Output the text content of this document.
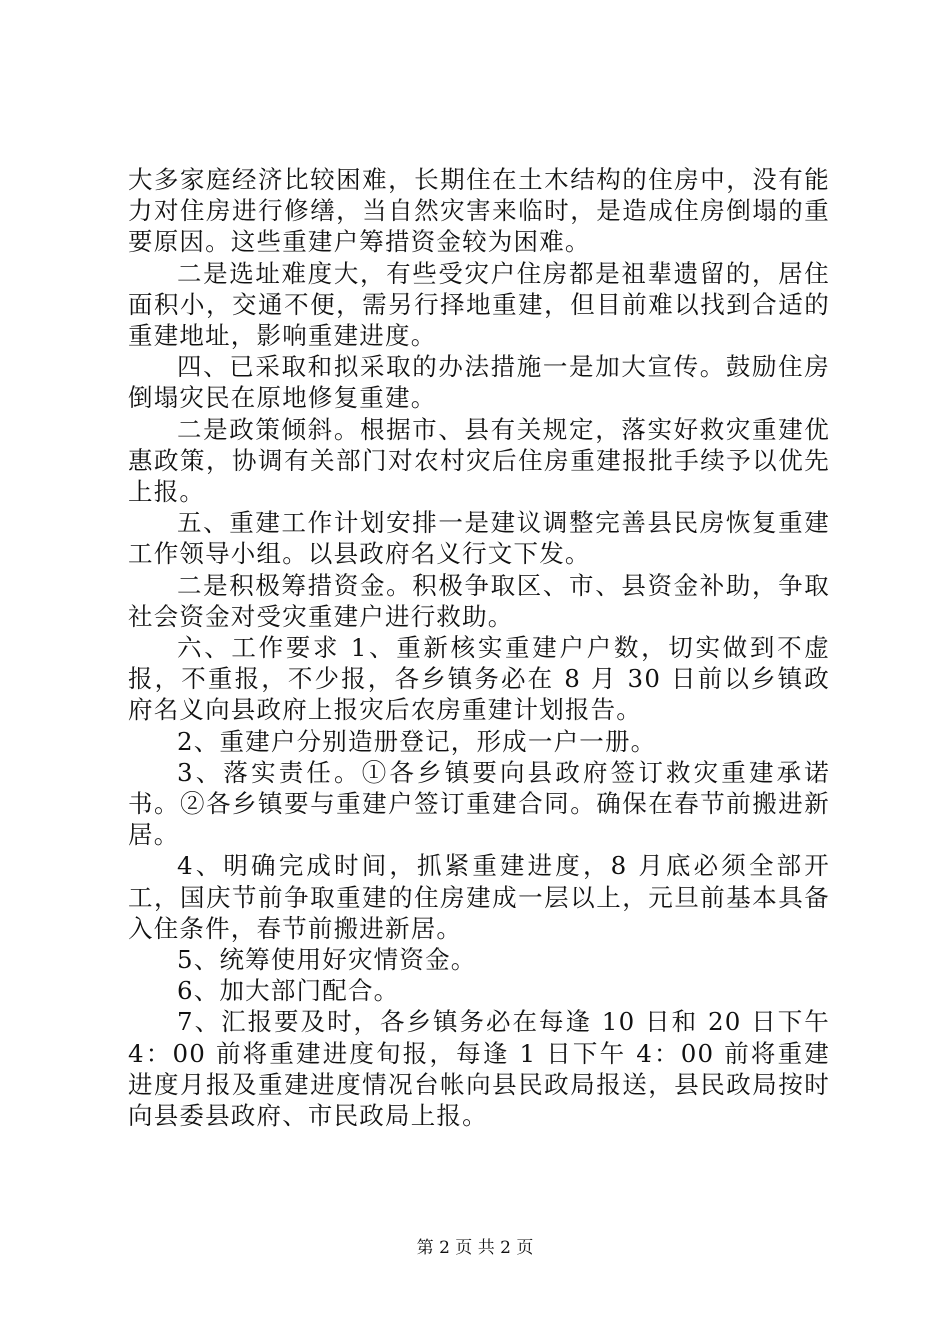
大多家庭经济比较困难，长期住在土木结构的住房中，没有能力对住房进行修缮，当自然灾害来临时，是造成住房倒塌的重要原因。这些重建户筹措资金较为困难。

二是选址难度大，有些受灾户住房都是祖辈遗留的，居住面积小，交通不便，需另行择地重建，但目前难以找到合适的重建地址，影响重建进度。

四、已采取和拟采取的办法措施一是加大宣传。鼓励住房倒塌灾民在原地修复重建。

二是政策倾斜。根据市、县有关规定，落实好救灾重建优惠政策，协调有关部门对农村灾后住房重建报批手续予以优先上报。

五、重建工作计划安排一是建议调整完善县民房恢复重建工作领导小组。以县政府名义行文下发。

二是积极筹措资金。积极争取区、市、县资金补助，争取社会资金对受灾重建户进行救助。

六、工作要求 1、重新核实重建户户数，切实做到不虚报，不重报，不少报，各乡镇务必在 8 月 30 日前以乡镇政府名义向县政府上报灾后农房重建计划报告。

2、重建户分别造册登记，形成一户一册。

3、落实责任。①各乡镇要向县政府签订救灾重建承诺书。②各乡镇要与重建户签订重建合同。确保在春节前搬进新居。

4、明确完成时间，抓紧重建进度，8 月底必须全部开工，国庆节前争取重建的住房建成一层以上，元旦前基本具备入住条件，春节前搬进新居。

5、统筹使用好灾情资金。

6、加大部门配合。

7、汇报要及时，各乡镇务必在每逢 10 日和 20 日下午 4：00 前将重建进度旬报，每逢 1 日下午 4：00 前将重建进度月报及重建进度情况台帐向县民政局报送，县民政局按时向县委县政府、市民政局上报。

第 2 页 共 2 页
